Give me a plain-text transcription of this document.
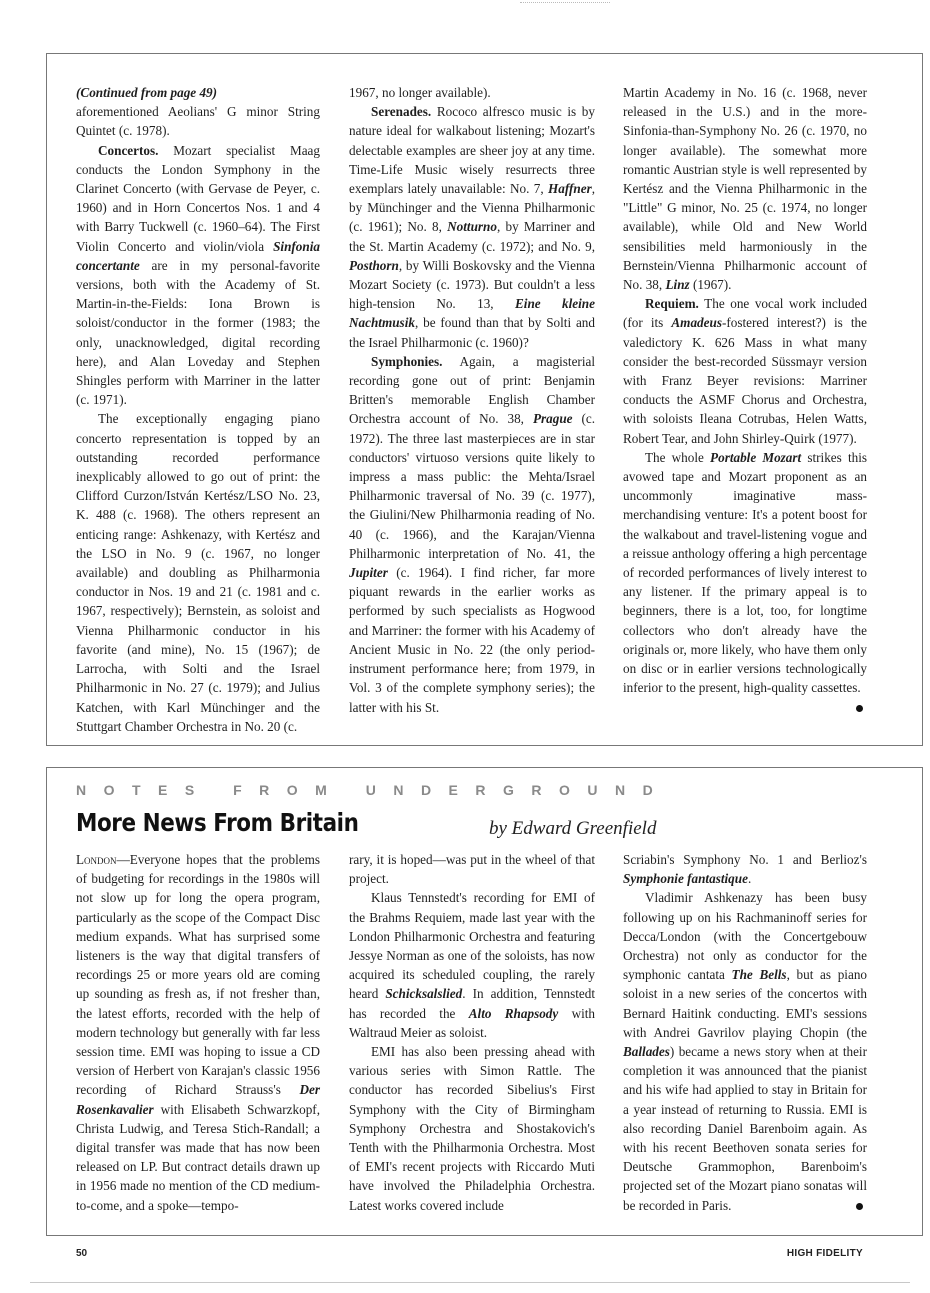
(Continued from page 49)
aforementioned Aeolians' G minor String Quintet (c. 1978).

Concertos. Mozart specialist Maag conducts the London Symphony in the Clarinet Concerto (with Gervase de Peyer, c. 1960) and in Horn Concertos Nos. 1 and 4 with Barry Tuckwell (c. 1960–64). The First Violin Concerto and violin/viola Sinfonia concertante are in my personal-favorite versions, both with the Academy of St. Martin-in-the-Fields: Iona Brown is soloist/conductor in the former (1983; the only, unacknowledged, digital recording here), and Alan Loveday and Stephen Shingles perform with Marriner in the latter (c. 1971).

The exceptionally engaging piano concerto representation is topped by an outstanding recorded performance inexplicably allowed to go out of print: the Clifford Curzon/István Kertész/LSO No. 23, K. 488 (c. 1968). The others represent an enticing range: Ashkenazy, with Kertész and the LSO in No. 9 (c. 1967, no longer available) and doubling as Philharmonia conductor in Nos. 19 and 21 (c. 1981 and c. 1967, respectively); Bernstein, as soloist and Vienna Philharmonic conductor in his favorite (and mine), No. 15 (1967); de Larrocha, with Solti and the Israel Philharmonic in No. 27 (c. 1979); and Julius Katchen, with Karl Münchinger and the Stuttgart Chamber Orchestra in No. 20 (c.

1967, no longer available).

Serenades. Rococo alfresco music is by nature ideal for walkabout listening; Mozart's delectable examples are sheer joy at any time. Time-Life Music wisely resurrects three exemplars lately unavailable: No. 7, Haffner, by Münchinger and the Vienna Philharmonic (c. 1961); No. 8, Notturno, by Marriner and the St. Martin Academy (c. 1972); and No. 9, Posthorn, by Willi Boskovsky and the Vienna Mozart Society (c. 1973). But couldn't a less high-tension No. 13, Eine kleine Nachtmusik, be found than that by Solti and the Israel Philharmonic (c. 1960)?

Symphonies. Again, a magisterial recording gone out of print: Benjamin Britten's memorable English Chamber Orchestra account of No. 38, Prague (c. 1972). The three last masterpieces are in star conductors' virtuoso versions quite likely to impress a mass public: the Mehta/Israel Philharmonic traversal of No. 39 (c. 1977), the Giulini/New Philharmonia reading of No. 40 (c. 1966), and the Karajan/Vienna Philharmonic interpretation of No. 41, the Jupiter (c. 1964). I find richer, far more piquant rewards in the earlier works as performed by such specialists as Hogwood and Marriner: the former with his Academy of Ancient Music in No. 22 (the only period-instrument performance here; from 1979, in Vol. 3 of the complete symphony series); the latter with his St.

Martin Academy in No. 16 (c. 1968, never released in the U.S.) and in the more-Sinfonia-than-Symphony No. 26 (c. 1970, no longer available). The somewhat more romantic Austrian style is well represented by Kertész and the Vienna Philharmonic in the "Little" G minor, No. 25 (c. 1974, no longer available), while Old and New World sensibilities meld harmoniously in the Bernstein/Vienna Philharmonic account of No. 38, Linz (1967).

Requiem. The one vocal work included (for its Amadeus-fostered interest?) is the valedictory K. 626 Mass in what many consider the best-recorded Süssmayr version with Franz Beyer revisions: Marriner conducts the ASMF Chorus and Orchestra, with soloists Ileana Cotrubas, Helen Watts, Robert Tear, and John Shirley-Quirk (1977).

The whole Portable Mozart strikes this avowed tape and Mozart proponent as an uncommonly imaginative mass-merchandising venture: It's a potent boost for the walkabout and travel-listening vogue and a reissue anthology offering a high percentage of recorded performances of lively interest to any listener. If the primary appeal is to beginners, there is a lot, too, for longtime collectors who don't already have the originals or, more likely, who have them only on disc or in earlier versions technologically inferior to the present, high-quality cassettes.

NOTES FROM UNDERGROUND
More News From Britain	by Edward Greenfield

London—Everyone hopes that the problems of budgeting for recordings in the 1980s will not slow up for long the opera program, particularly as the scope of the Compact Disc medium expands. What has surprised some listeners is the way that digital transfers of recordings 25 or more years old are coming up sounding as fresh as, if not fresher than, the latest efforts, recorded with the help of modern technology but generally with far less session time. EMI was hoping to issue a CD version of Herbert von Karajan's classic 1956 recording of Richard Strauss's Der Rosenkavalier with Elisabeth Schwarzkopf, Christa Ludwig, and Teresa Stich-Randall; a digital transfer was made that has now been released on LP. But contract details drawn up in 1956 made no mention of the CD medium-to-come, and a spoke—tempo-

rary, it is hoped—was put in the wheel of that project.

Klaus Tennstedt's recording for EMI of the Brahms Requiem, made last year with the London Philharmonic Orchestra and featuring Jessye Norman as one of the soloists, has now acquired its scheduled coupling, the rarely heard Schicksalslied. In addition, Tennstedt has recorded the Alto Rhapsody with Waltraud Meier as soloist.

EMI has also been pressing ahead with various series with Simon Rattle. The conductor has recorded Sibelius's First Symphony with the City of Birmingham Symphony Orchestra and Shostakovich's Tenth with the Philharmonia Orchestra. Most of EMI's recent projects with Riccardo Muti have involved the Philadelphia Orchestra. Latest works covered include

Scriabin's Symphony No. 1 and Berlioz's Symphonie fantastique.

Vladimir Ashkenazy has been busy following up on his Rachmaninoff series for Decca/London (with the Concertgebouw Orchestra) not only as conductor for the symphonic cantata The Bells, but as piano soloist in a new series of the concertos with Bernard Haitink conducting. EMI's sessions with Andrei Gavrilov playing Chopin (the Ballades) became a news story when at their completion it was announced that the pianist and his wife had applied to stay in Britain for a year instead of returning to Russia. EMI is also recording Daniel Barenboim again. As with his recent Beethoven sonata series for Deutsche Grammophon, Barenboim's projected set of the Mozart piano sonatas will be recorded in Paris.

50	HIGH FIDELITY
